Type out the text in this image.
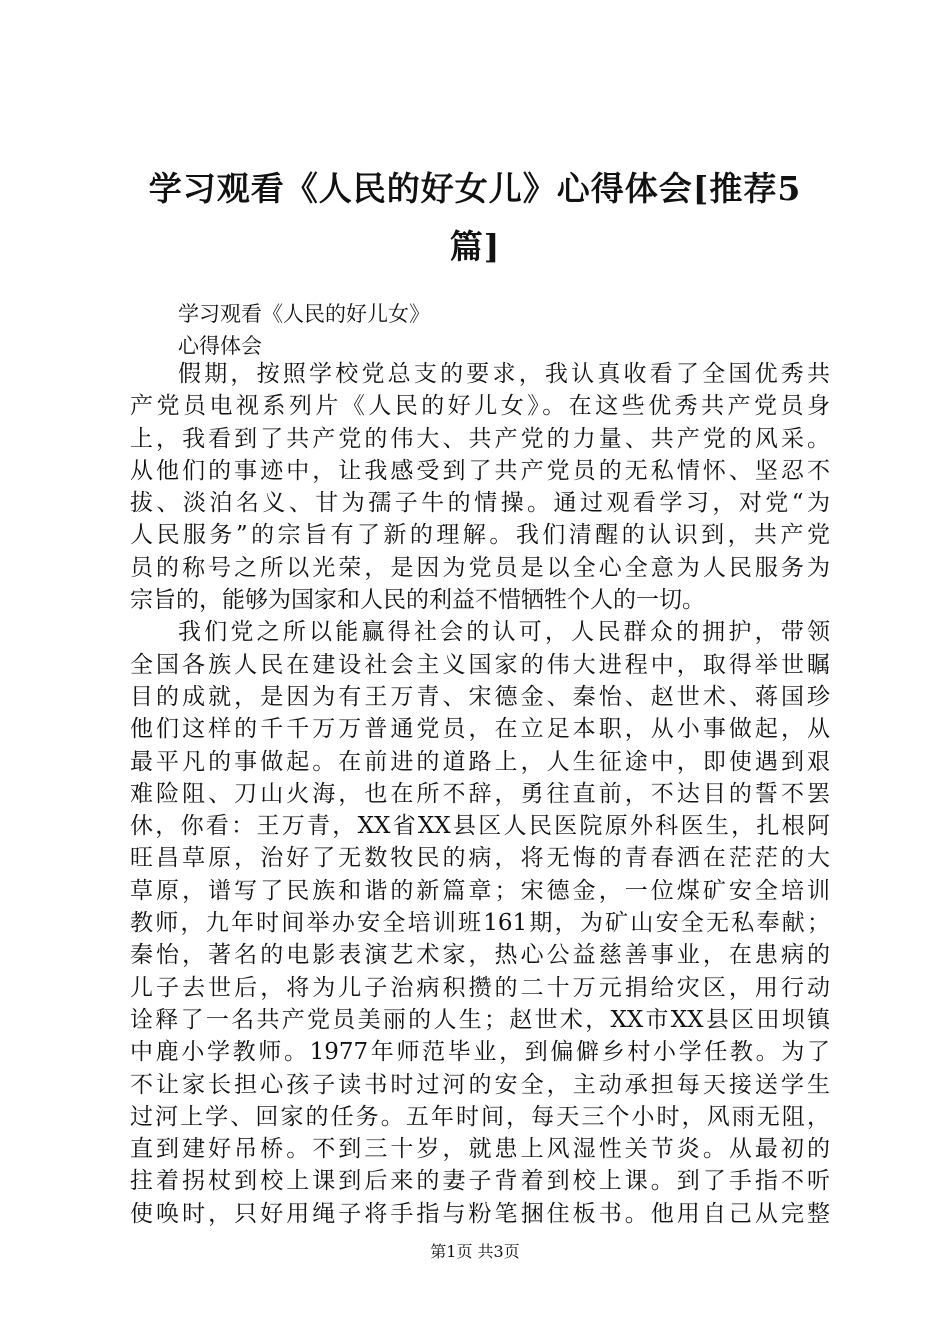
学习观看《人民的好女儿》心得体会[推荐5
篇]
学习观看《人民的好儿女》
心得体会
假期，按照学校党总支的要求，我认真收看了全国优秀共
产党员电视系列片《人民的好儿女》。在这些优秀共产党员身
上，我看到了共产党的伟大、共产党的力量、共产党的风采。
从他们的事迹中，让我感受到了共产党员的无私情怀、坚忍不
拔、淡泊名义、甘为孺子牛的情操。通过观看学习，对党“为
人民服务”的宗旨有了新的理解。我们清醒的认识到，共产党
员的称号之所以光荣，是因为党员是以全心全意为人民服务为
宗旨的，能够为国家和人民的利益不惜牺牲个人的一切。
我们党之所以能赢得社会的认可，人民群众的拥护，带领
全国各族人民在建设社会主义国家的伟大进程中，取得举世瞩
目的成就，是因为有王万青、宋德金、秦怡、赵世术、蒋国珍
他们这样的千千万万普通党员，在立足本职，从小事做起，从
最平凡的事做起。在前进的道路上，人生征途中，即使遇到艰
难险阻、刀山火海，也在所不辞，勇往直前，不达目的誓不罢
休，你看：王万青，XX省XX县区人民医院原外科医生，扎根阿
旺昌草原，治好了无数牧民的病，将无悔的青春洒在茫茫的大
草原，谱写了民族和谐的新篇章；宋德金，一位煤矿安全培训
教师，九年时间举办安全培训班161期，为矿山安全无私奉献；
秦怡，著名的电影表演艺术家，热心公益慈善事业，在患病的
儿子去世后，将为儿子治病积攒的二十万元捐给灾区，用行动
诠释了一名共产党员美丽的人生；赵世术，XX市XX县区田坝镇
中鹿小学教师。1977年师范毕业，到偏僻乡村小学任教。为了
不让家长担心孩子读书时过河的安全，主动承担每天接送学生
过河上学、回家的任务。五年时间，每天三个小时，风雨无阻，
直到建好吊桥。不到三十岁，就患上风湿性关节炎。从最初的
拄着拐杖到校上课到后来的妻子背着到校上课。到了手指不听
使唤时，只好用绳子将手指与粉笔捆住板书。他用自己从完整
第1页 共3页
